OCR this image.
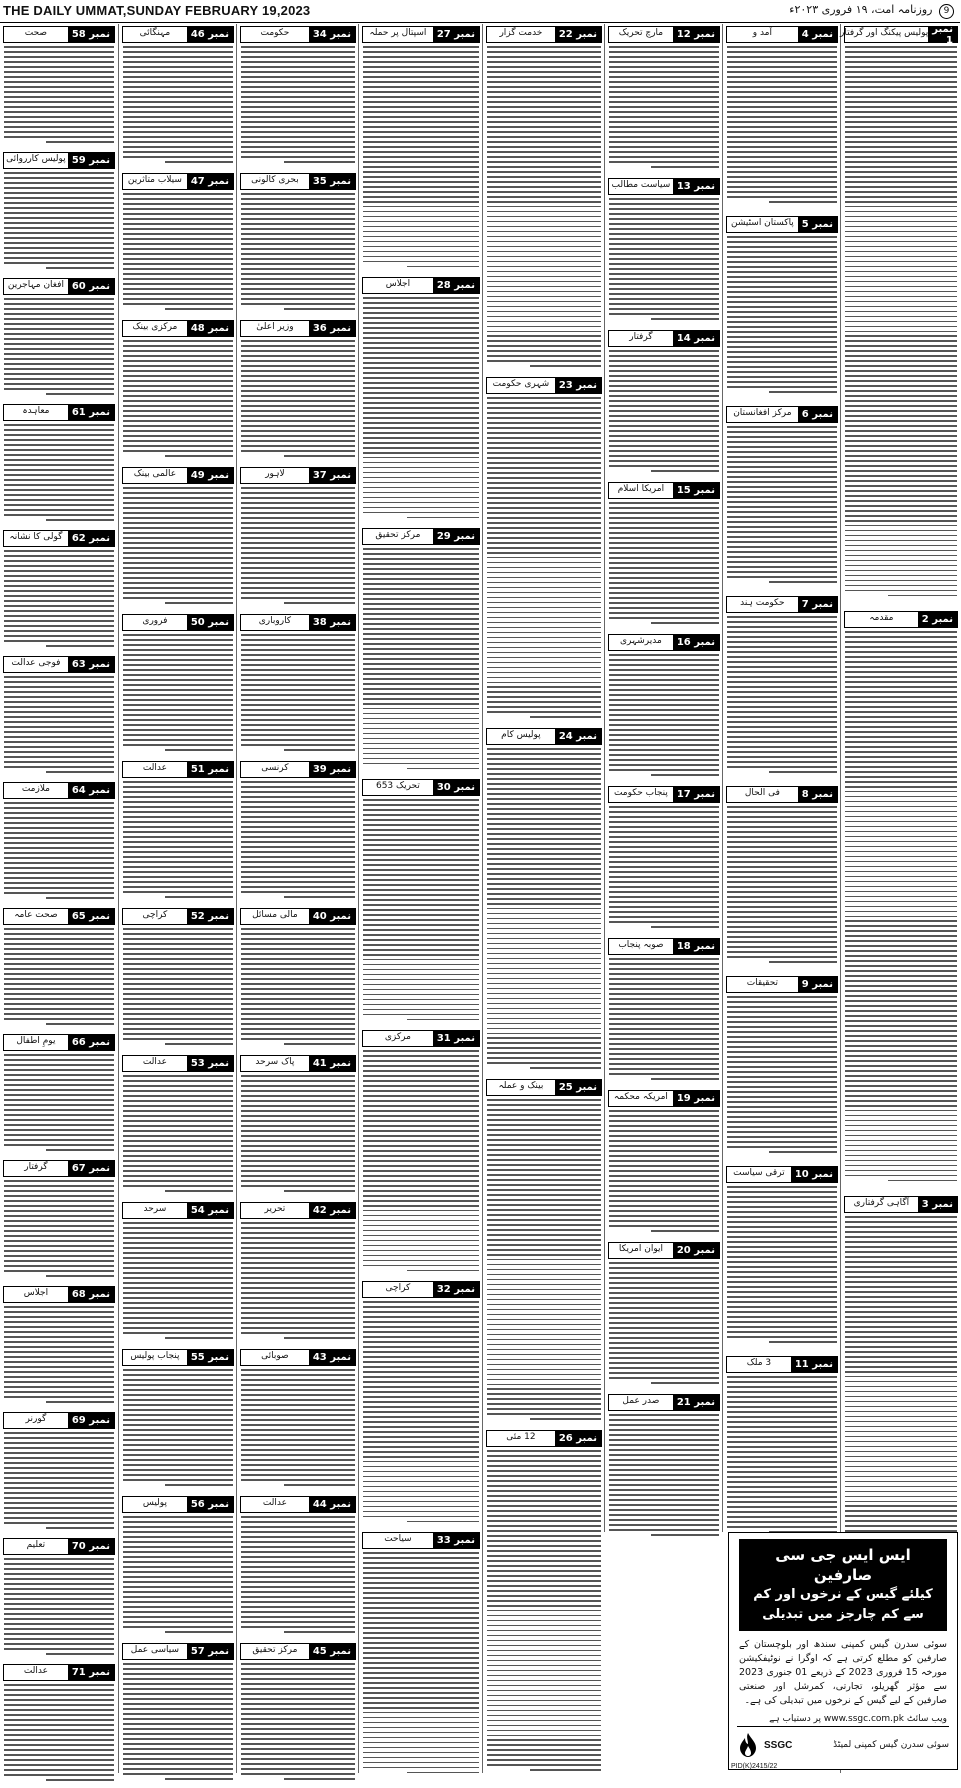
THE DAILY UMMAT,SUNDAY FEBRUARY 19,2023	9 روزنامہ امت، ۱۹ فروری ۲۰۲۳ء
نمبر 1
پولیس پیکنگ اور گرفتار
نمبر 2
مقدمہ
نمبر 3
آگاہی گرفتاری
نمبر 4
آمد و
نمبر 5
پاکستان اسٹیشن
نمبر 6
مرکز افغانستان
نمبر 7
حکومت ہند
نمبر 8
فی الحال
نمبر 9
تحقیقات
نمبر 10
ترقی سیاست
نمبر 11
3 ملک
نمبر 12
مارچ تحریک
نمبر 13
سیاست مطالب
نمبر 14
گرفتار
نمبر 15
امریکا اسلام
نمبر 16
مدیرشہری
نمبر 17
پنجاب حکومت
نمبر 18
صوبہ پنجاب
نمبر 19
امریکہ محکمہ
نمبر 20
ایوان امریکا
نمبر 21
صدر عمل
نمبر 22
خدمت گزار
نمبر 23
شہری حکومت
نمبر 24
پولیس کام
نمبر 25
بینک و عملہ
نمبر 26
12 مئی
نمبر 27
اسپتال پر حملہ
نمبر 28
اجلاس
نمبر 29
مرکز تحقیق
نمبر 30
تحریک 653
نمبر 31
مرکزی
نمبر 32
کراچی
نمبر 33
سیاحت
نمبر 34
حکومت
نمبر 35
بحری کالونی
نمبر 36
وزیر اعلیٰ
نمبر 37
لاہور
نمبر 38
کاروباری
نمبر 39
کرنسی
نمبر 40
مالی مسائل
نمبر 41
پاک سرحد
نمبر 42
تحریر
نمبر 43
صوبائی
نمبر 44
عدالت
نمبر 45
مرکز تحقیق
نمبر 46
مہنگائی
نمبر 47
سیلاب متاثرین
نمبر 48
مرکزی بینک
نمبر 49
عالمی بینک
نمبر 50
فروری
نمبر 51
عدالت
نمبر 52
کراچی
نمبر 53
عدالت
نمبر 54
سرحد
نمبر 55
پنجاب پولیس
نمبر 56
پولیس
نمبر 57
سیاسی عمل
نمبر 58
صحت
نمبر 59
پولیس کارروائی
نمبر 60
افغان مہاجرین
نمبر 61
معاہدہ
نمبر 62
گولی کا نشانہ
نمبر 63
فوجی عدالت
نمبر 64
ملازمت
نمبر 65
صحت عامہ
نمبر 66
یومِ اطفال
نمبر 67
گرفتار
نمبر 68
اجلاس
نمبر 69
گورنر
نمبر 70
تعلیم
نمبر 71
عدالت
ایس ایس جی سی صارفین
کیلئے گیس کے نرخوں اور کم
سے کم چارجز میں تبدیلی
سوئی سدرن گیس کمپنی سندھ اور بلوچستان کے صارفین کو مطلع کرتی ہے کہ اوگرا نے نوٹیفکیشن مورخہ 15 فروری 2023 کے ذریعے 01 جنوری 2023 سے مؤثر گھریلو، تجارتی، کمرشل اور صنعتی صارفین کے لیے گیس کے نرخوں میں تبدیلی کی ہے۔
ویب سائٹ www.ssgc.com.pk پر دستیاب ہے
SSGC	سوئی سدرن گیس کمپنی لمیٹڈ
PID(K)2415/22
